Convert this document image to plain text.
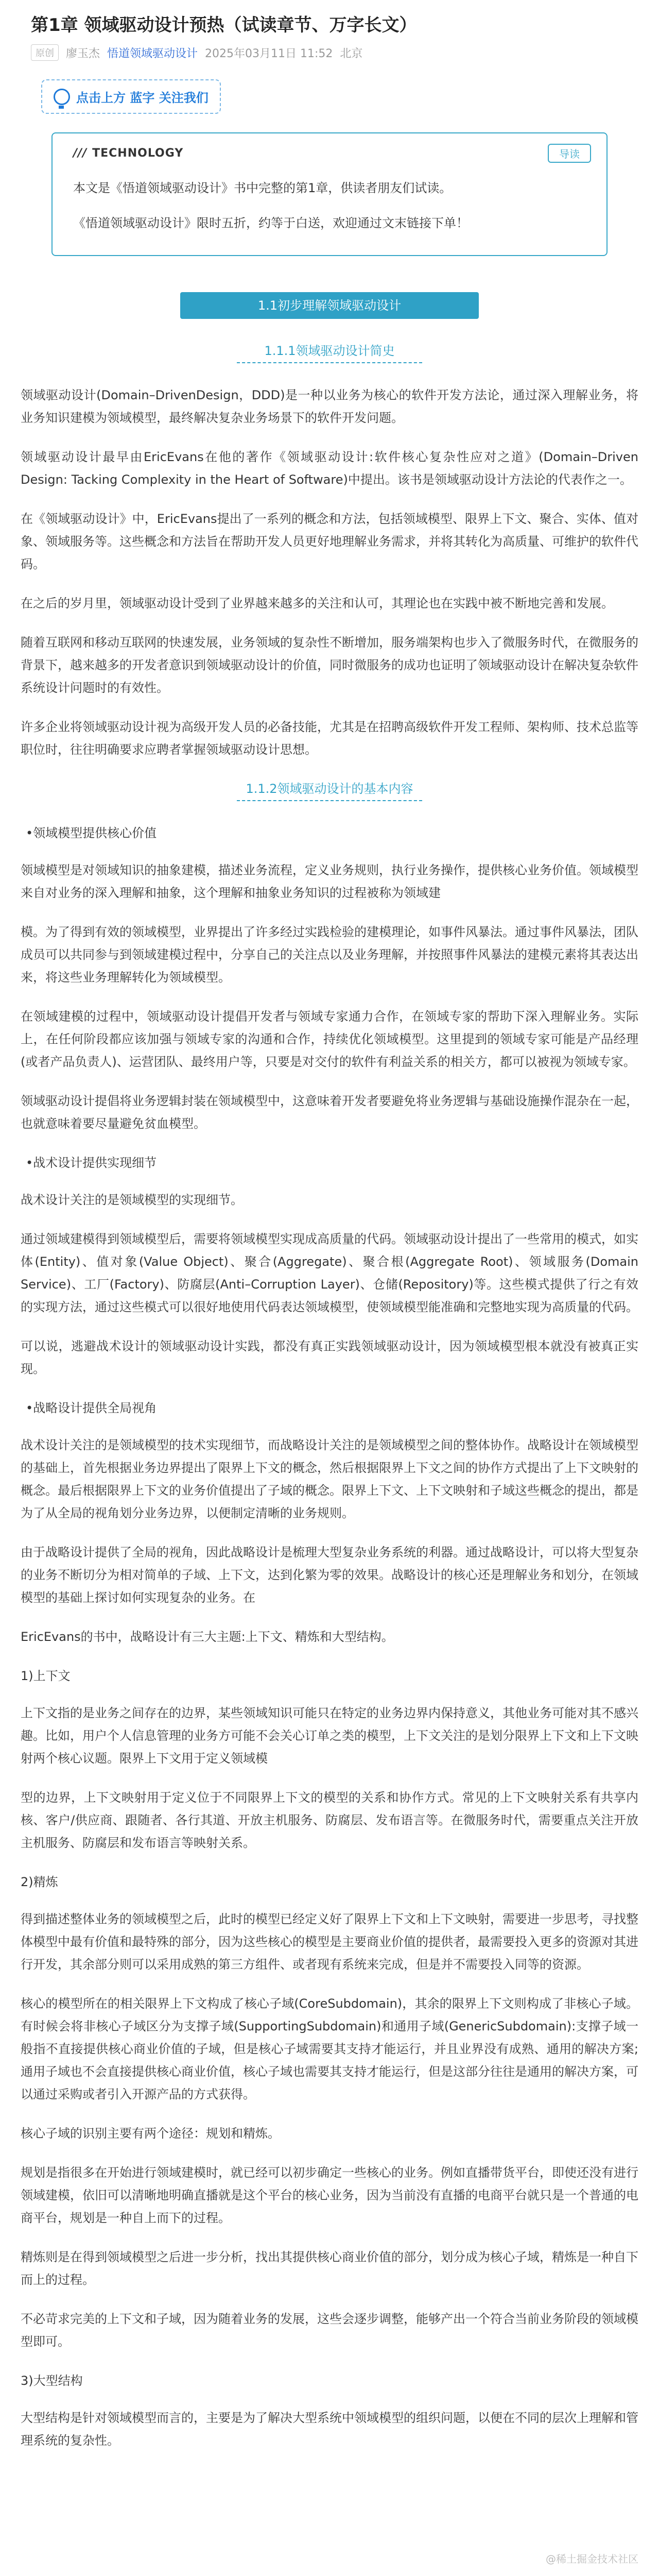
第1章 领域驱动设计预热（试读章节、万字长文）
原创	廖玉杰 悟道领域驱动设计 2025年03月11日 11:52 北京
点击上方 蓝字 关注我们
/// TECHNOLOGY	导读

本文是《悟道领域驱动设计》书中完整的第1章，供读者朋友们试读。

《悟道领域驱动设计》限时五折，约等于白送，欢迎通过文末链接下单！

1.1初步理解领域驱动设计
1.1.1领域驱动设计简史

领域驱动设计(Domain–DrivenDesign，DDD)是一种以业务为核心的软件开发方法论，通过深入理解业务，将业务知识建模为领域模型，最终解决复杂业务场景下的软件开发问题。

领域驱动设计最早由EricEvans在他的著作《领域驱动设计:软件核心复杂性应对之道》(Domain–Driven Design: Tacking Complexity in the Heart of Software)中提出。该书是领域驱动设计方法论的代表作之一。

在《领域驱动设计》中，EricEvans提出了一系列的概念和方法，包括领域模型、限界上下文、聚合、实体、值对象、领域服务等。这些概念和方法旨在帮助开发人员更好地理解业务需求，并将其转化为高质量、可维护的软件代码。

在之后的岁月里，领域驱动设计受到了业界越来越多的关注和认可，其理论也在实践中被不断地完善和发展。

随着互联网和移动互联网的快速发展，业务领域的复杂性不断增加，服务端架构也步入了微服务时代，在微服务的背景下，越来越多的开发者意识到领域驱动设计的价值，同时微服务的成功也证明了领域驱动设计在解决复杂软件系统设计问题时的有效性。

许多企业将领域驱动设计视为高级开发人员的必备技能，尤其是在招聘高级软件开发工程师、架构师、技术总监等职位时，往往明确要求应聘者掌握领域驱动设计思想。

1.1.2领域驱动设计的基本内容

•领域模型提供核心价值

领域模型是对领域知识的抽象建模，描述业务流程，定义业务规则，执行业务操作，提供核心业务价值。领域模型来自对业务的深入理解和抽象，这个理解和抽象业务知识的过程被称为领域建

模。为了得到有效的领域模型，业界提出了许多经过实践检验的建模理论，如事件风暴法。通过事件风暴法，团队成员可以共同参与到领域建模过程中，分享自己的关注点以及业务理解，并按照事件风暴法的建模元素将其表达出来，将这些业务理解转化为领域模型。

在领域建模的过程中，领域驱动设计提倡开发者与领域专家通力合作，在领域专家的帮助下深入理解业务。实际上，在任何阶段都应该加强与领域专家的沟通和合作，持续优化领域模型。这里提到的领域专家可能是产品经理(或者产品负责人)、运营团队、最终用户等，只要是对交付的软件有利益关系的相关方，都可以被视为领域专家。

领域驱动设计提倡将业务逻辑封装在领域模型中，这意味着开发者要避免将业务逻辑与基础设施操作混杂在一起，也就意味着要尽量避免贫血模型。

•战术设计提供实现细节

战术设计关注的是领域模型的实现细节。

通过领域建模得到领域模型后，需要将领域模型实现成高质量的代码。领域驱动设计提出了一些常用的模式，如实体(Entity)、值对象(Value Object)、聚合(Aggregate)、聚合根(Aggregate Root)、领域服务(Domain Service)、工厂(Factory)、防腐层(Anti–Corruption Layer)、仓储(Repository)等。这些模式提供了行之有效的实现方法，通过这些模式可以很好地使用代码表达领域模型，使领域模型能准确和完整地实现为高质量的代码。

可以说，逃避战术设计的领域驱动设计实践，都没有真正实践领域驱动设计，因为领域模型根本就没有被真正实现。

•战略设计提供全局视角

战术设计关注的是领域模型的技术实现细节，而战略设计关注的是领域模型之间的整体协作。战略设计在领域模型的基础上，首先根据业务边界提出了限界上下文的概念，然后根据限界上下文之间的协作方式提出了上下文映射的概念。最后根据限界上下文的业务价值提出了子域的概念。限界上下文、上下文映射和子域这些概念的提出，都是为了从全局的视角划分业务边界，以便制定清晰的业务规则。

由于战略设计提供了全局的视角，因此战略设计是梳理大型复杂业务系统的利器。通过战略设计，可以将大型复杂的业务不断切分为相对简单的子域、上下文，达到化繁为零的效果。战略设计的核心还是理解业务和划分，在领域模型的基础上探讨如何实现复杂的业务。在

EricEvans的书中，战略设计有三大主题:上下文、精炼和大型结构。

1)上下文

上下文指的是业务之间存在的边界，某些领域知识可能只在特定的业务边界内保持意义，其他业务可能对其不感兴趣。比如，用户个人信息管理的业务方可能不会关心订单之类的模型，上下文关注的是划分限界上下文和上下文映射两个核心议题。限界上下文用于定义领域模

型的边界，上下文映射用于定义位于不同限界上下文的模型的关系和协作方式。常见的上下文映射关系有共享内核、客户/供应商、跟随者、各行其道、开放主机服务、防腐层、发布语言等。在微服务时代，需要重点关注开放主机服务、防腐层和发布语言等映射关系。

2)精炼

得到描述整体业务的领域模型之后，此时的模型已经定义好了限界上下文和上下文映射，需要进一步思考，寻找整体模型中最有价值和最特殊的部分，因为这些核心的模型是主要商业价值的提供者，最需要投入更多的资源对其进行开发，其余部分则可以采用成熟的第三方组件、或者现有系统来完成，但是并不需要投入同等的资源。

核心的模型所在的相关限界上下文构成了核心子域(CoreSubdomain)，其余的限界上下文则构成了非核心子域。有时候会将非核心子域区分为支撑子域(SupportingSubdomain)和通用子域(GenericSubdomain):支撑子域一般指不直接提供核心商业价值的子域，但是核心子域需要其支持才能运行，并且业界没有成熟、通用的解决方案;通用子域也不会直接提供核心商业价值，核心子域也需要其支持才能运行，但是这部分往往是通用的解决方案，可以通过采购或者引入开源产品的方式获得。

核心子域的识别主要有两个途径：规划和精炼。

规划是指很多在开始进行领域建模时，就已经可以初步确定一些核心的业务。例如直播带货平台，即使还没有进行领域建模，依旧可以清晰地明确直播就是这个平台的核心业务，因为当前没有直播的电商平台就只是一个普通的电商平台，规划是一种自上而下的过程。

精炼则是在得到领域模型之后进一步分析，找出其提供核心商业价值的部分，划分成为核心子域，精炼是一种自下而上的过程。

不必苛求完美的上下文和子域，因为随着业务的发展，这些会逐步调整，能够产出一个符合当前业务阶段的领域模型即可。

3)大型结构

大型结构是针对领域模型而言的，主要是为了解决大型系统中领域模型的组织问题，以便在不同的层次上理解和管理系统的复杂性。

@稀土掘金技术社区
